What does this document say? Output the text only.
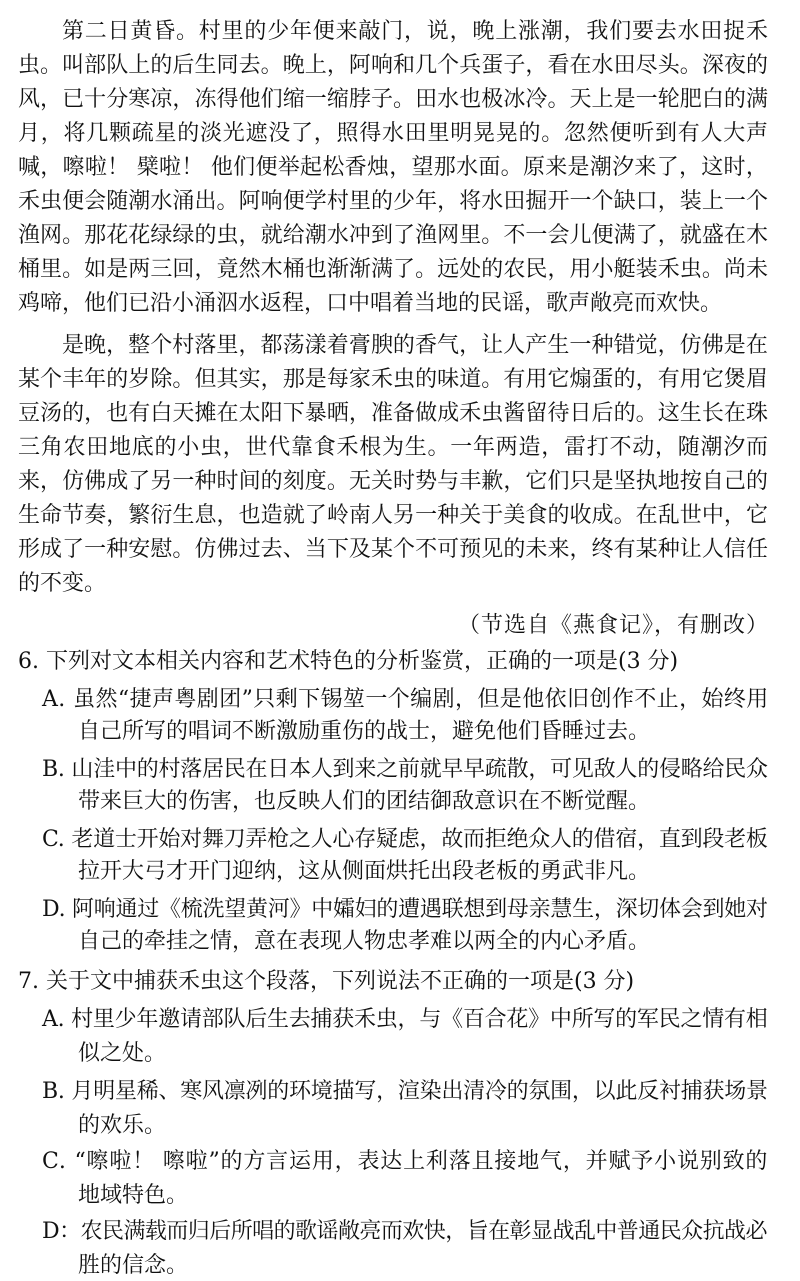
第二日黄昏。村里的少年便来敲门，说，晚上涨潮，我们要去水田捉禾
虫。叫部队上的后生同去。晚上，阿响和几个兵蛋子，看在水田尽头。深夜的
风，已十分寒凉，冻得他们缩一缩脖子。田水也极冰冷。天上是一轮肥白的满
月，将几颗疏星的淡光遮没了，照得水田里明晃晃的。忽然便听到有人大声
喊，嚓啦！ 檗啦！ 他们便举起松香烛，望那水面。原来是潮汐来了，这时，
禾虫便会随潮水涌出。阿响便学村里的少年，将水田掘开一个缺口，装上一个
渔网。那花花绿绿的虫，就给潮水冲到了渔网里。不一会儿便满了，就盛在木
桶里。如是两三回，竟然木桶也渐渐满了。远处的农民，用小艇装禾虫。尚未
鸡啼，他们已沿小涌泅水返程，口中唱着当地的民谣，歌声敞亮而欢快。
是晚，整个村落里，都荡漾着膏腴的香气，让人产生一种错觉，仿佛是在
某个丰年的岁除。但其实，那是每家禾虫的味道。有用它煽蛋的，有用它煲眉
豆汤的，也有白天摊在太阳下暴晒，准备做成禾虫酱留待日后的。这生长在珠
三角农田地底的小虫，世代靠食禾根为生。一年两造，雷打不动，随潮汐而
来，仿佛成了另一种时间的刻度。无关时势与丰歉，它们只是坚执地按自己的
生命节奏，繁衍生息，也造就了岭南人另一种关于美食的收成。在乱世中，它
形成了一种安慰。仿佛过去、当下及某个不可预见的未来，终有某种让人信任
的不变。
（节选自《燕食记》，有删改）
6. 下列对文本相关内容和艺术特色的分析鉴赏，正确的一项是(3 分)
A. 虽然“捷声粤剧团”只剩下锡堃一个编剧，但是他依旧创作不止，始终用
自己所写的唱词不断激励重伤的战士，避免他们昏睡过去。
B. 山洼中的村落居民在日本人到来之前就早早疏散，可见敌人的侵略给民众
带来巨大的伤害，也反映人们的团结御敌意识在不断觉醒。
C. 老道士开始对舞刀弄枪之人心存疑虑，故而拒绝众人的借宿，直到段老板
拉开大弓才开门迎纳，这从侧面烘托出段老板的勇武非凡。
D. 阿响通过《梳洗望黄河》中孀妇的遭遇联想到母亲慧生，深切体会到她对
自己的牵挂之情，意在表现人物忠孝难以两全的内心矛盾。
7. 关于文中捕获禾虫这个段落，下列说法不正确的一项是(3 分)
A. 村里少年邀请部队后生去捕获禾虫，与《百合花》中所写的军民之情有相
似之处。
B. 月明星稀、寒风凛冽的环境描写，渲染出清冷的氛围，以此反衬捕获场景
的欢乐。
C. “嚓啦！ 嚓啦”的方言运用，表达上利落且接地气，并赋予小说别致的
地域特色。
D：农民满载而归后所唱的歌谣敞亮而欢快，旨在彰显战乱中普通民众抗战必
胜的信念。
